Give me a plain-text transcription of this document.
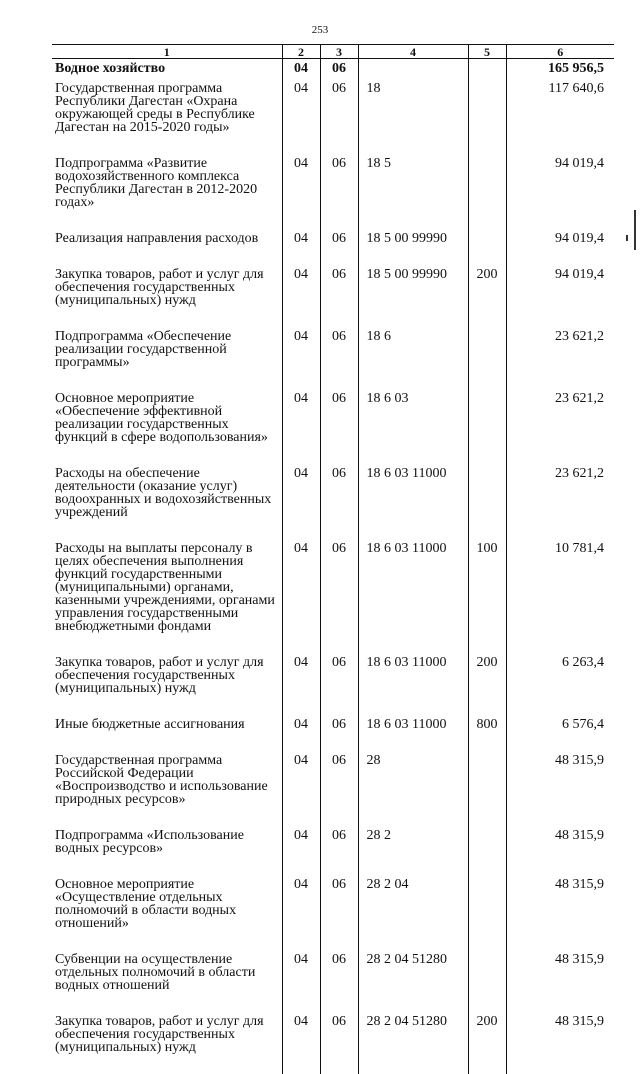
253
1	2	3	4	5	6
Водное хозяйство	04	06			165 956,5
Государственная программа Республики Дагестан «Охрана окружающей среды в Республике Дагестан на 2015-2020 годы»	04	06	18		117 640,6
Подпрограмма «Развитие водохозяйственного комплекса Республики Дагестан в 2012-2020 годах»	04	06	18 5		94 019,4
Реализация направления расходов	04	06	18 5 00 99990		94 019,4
Закупка товаров, работ и услуг для обеспечения государственных (муниципальных) нужд	04	06	18 5 00 99990	200	94 019,4
Подпрограмма «Обеспечение реализации государственной программы»	04	06	18 6		23 621,2
Основное мероприятие «Обеспечение эффективной реализации государственных функций в сфере водопользования»	04	06	18 6 03		23 621,2
Расходы на обеспечение деятельности (оказание услуг) водоохранных и водохозяйственных учреждений	04	06	18 6 03 11000		23 621,2
Расходы на выплаты персоналу в целях обеспечения выполнения функций государственными (муниципальными) органами, казенными учреждениями, органами управления государственными внебюджетными фондами	04	06	18 6 03 11000	100	10 781,4
Закупка товаров, работ и услуг для обеспечения государственных (муниципальных) нужд	04	06	18 6 03 11000	200	6 263,4
Иные бюджетные ассигнования	04	06	18 6 03 11000	800	6 576,4
Государственная программа Российской Федерации «Воспроизводство и использование природных ресурсов»	04	06	28		48 315,9
Подпрограмма «Использование водных ресурсов»	04	06	28 2		48 315,9
Основное мероприятие «Осуществление отдельных полномочий в области водных отношений»	04	06	28 2 04		48 315,9
Субвенции на осуществление отдельных полномочий в области водных отношений	04	06	28 2 04 51280		48 315,9
Закупка товаров, работ и услуг для обеспечения государственных (муниципальных) нужд	04	06	28 2 04 51280	200	48 315,9
